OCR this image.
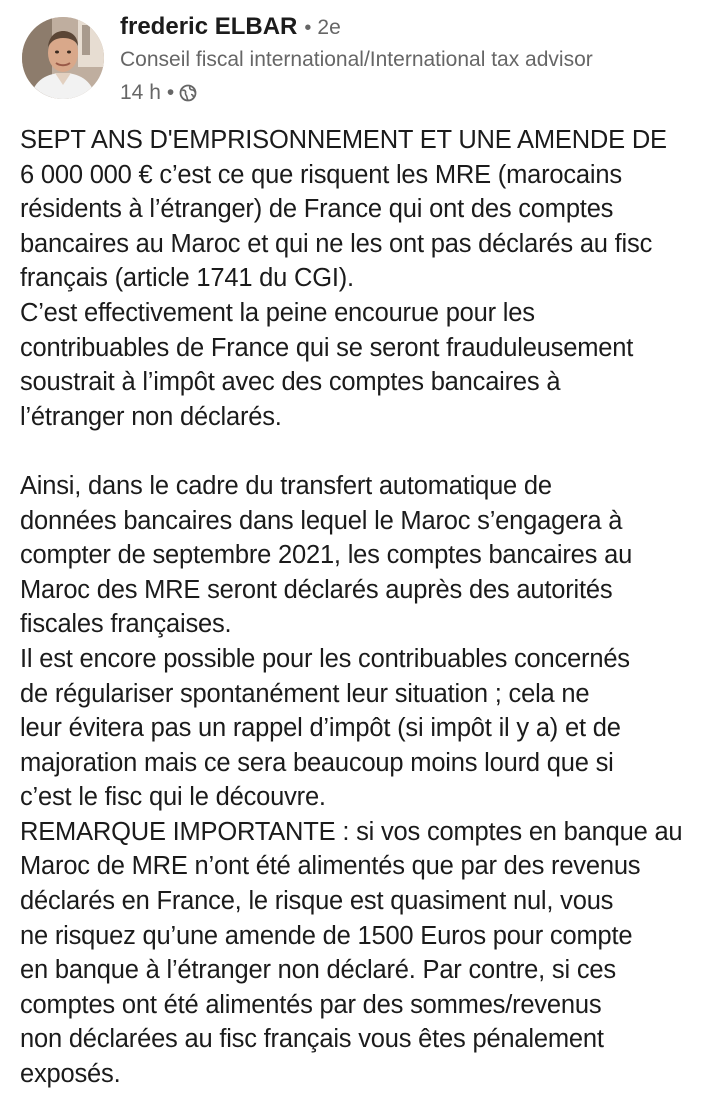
frederic ELBAR • 2e
Conseil fiscal international/International tax advisor
14 h •
SEPT ANS D'EMPRISONNEMENT ET UNE AMENDE DE
6 000 000 € c’est ce que risquent les MRE (marocains
résidents à l’étranger) de France qui ont des comptes
bancaires au Maroc et qui ne les ont pas déclarés au fisc
français (article 1741 du CGI).
C’est effectivement la peine encourue pour les
contribuables de France qui se seront frauduleusement
soustrait à l’impôt avec des comptes bancaires à
l’étranger non déclarés.
Ainsi, dans le cadre du transfert automatique de
données bancaires dans lequel le Maroc s’engagera à
compter de septembre 2021, les comptes bancaires au
Maroc des MRE seront déclarés auprès des autorités
fiscales françaises.
Il est encore possible pour les contribuables concernés
de régulariser spontanément leur situation ; cela ne
leur évitera pas un rappel d’impôt (si impôt il y a) et de
majoration mais ce sera beaucoup moins lourd que si
c’est le fisc qui le découvre.
REMARQUE IMPORTANTE : si vos comptes en banque au
Maroc de MRE n’ont été alimentés que par des revenus
déclarés en France, le risque est quasiment nul, vous
ne risquez qu’une amende de 1500 Euros pour compte
en banque à l’étranger non déclaré. Par contre, si ces
comptes ont été alimentés par des sommes/revenus
non déclarées au fisc français vous êtes pénalement
exposés.
